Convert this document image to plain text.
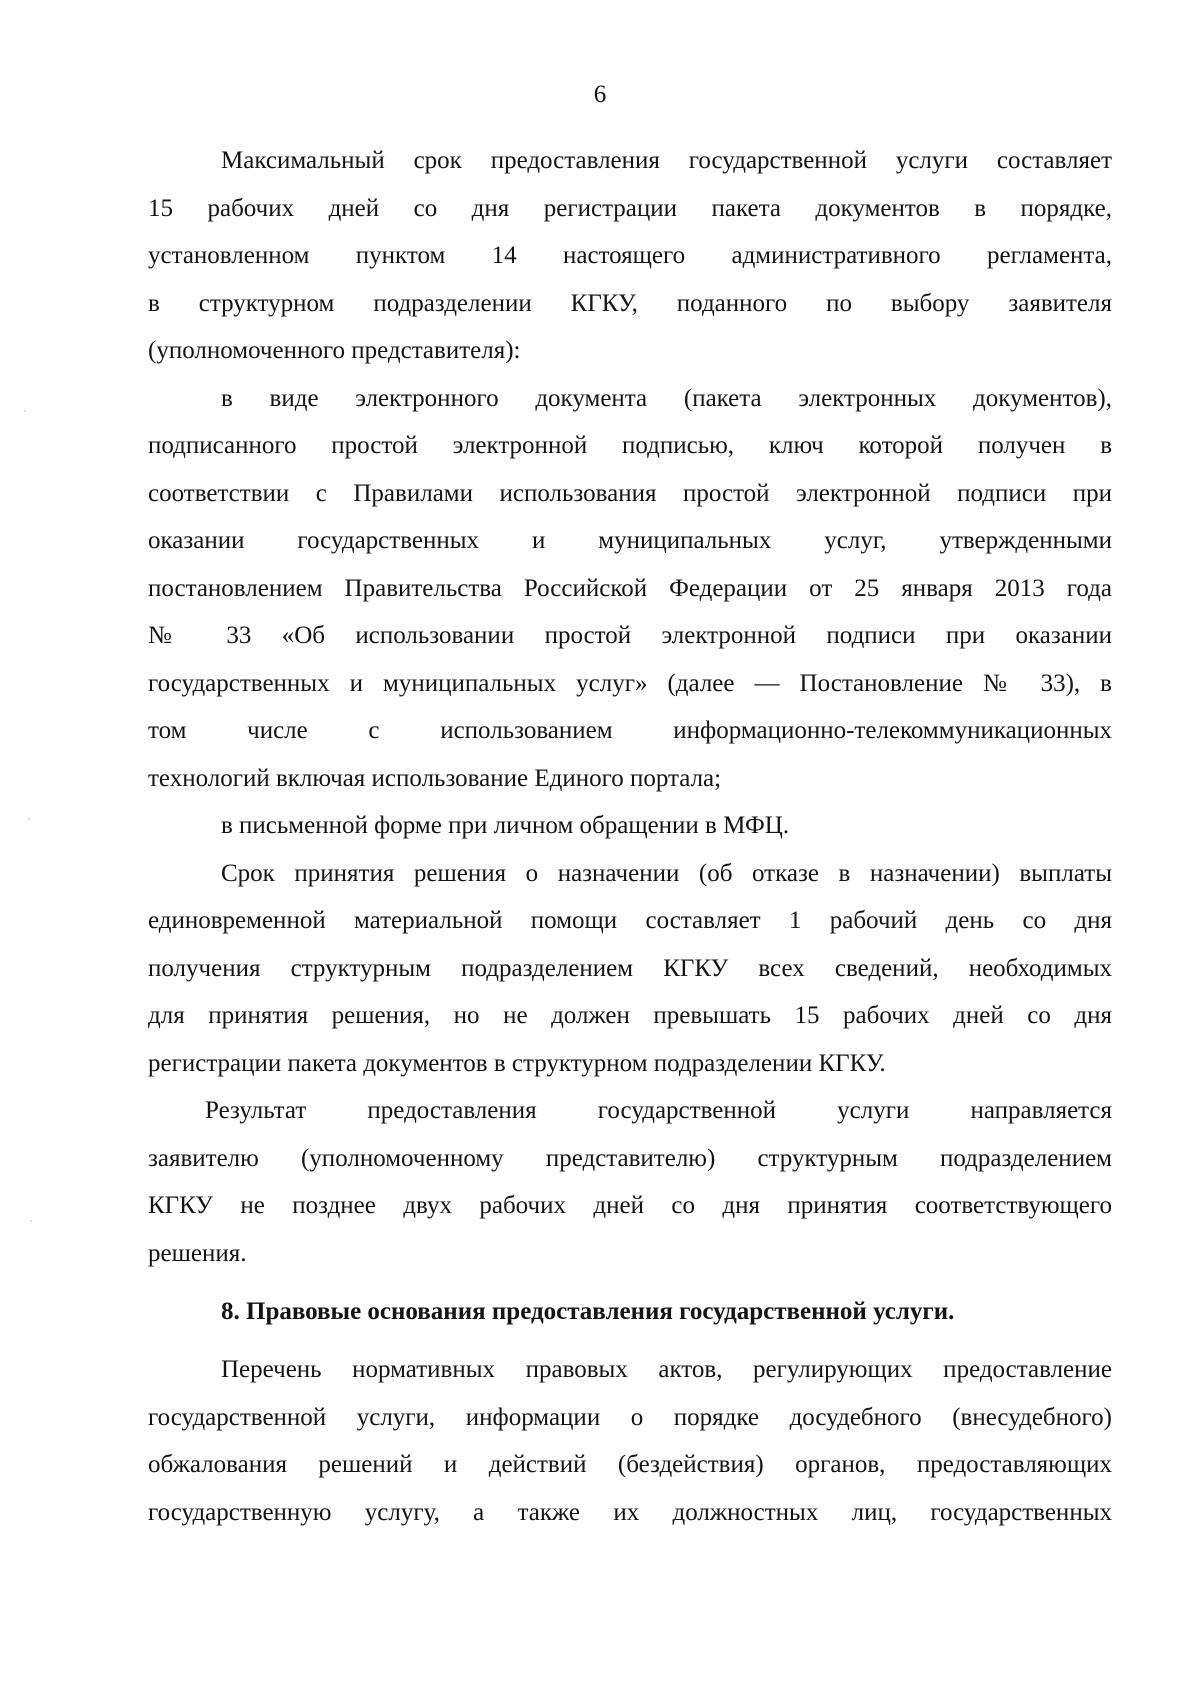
6
Максимальный срок предоставления государственной услуги составляет
15 рабочих дней со дня регистрации пакета документов в порядке,
установленном пунктом 14 настоящего административного регламента,
в структурном подразделении КГКУ, поданного по выбору заявителя
(уполномоченного представителя):
в виде электронного документа (пакета электронных документов),
подписанного простой электронной подписью, ключ которой получен в
соответствии с Правилами использования простой электронной подписи при
оказании государственных и муниципальных услуг, утвержденными
постановлением Правительства Российской Федерации от 25 января 2013 года
№ 33 «Об использовании простой электронной подписи при оказании
государственных и муниципальных услуг» (далее — Постановление № 33), в
том числе с использованием информационно-телекоммуникационных
технологий включая использование Единого портала;
в письменной форме при личном обращении в МФЦ.
Срок принятия решения о назначении (об отказе в назначении) выплаты
единовременной материальной помощи составляет 1 рабочий день со дня
получения структурным подразделением КГКУ всех сведений, необходимых
для принятия решения, но не должен превышать 15 рабочих дней со дня
регистрации пакета документов в структурном подразделении КГКУ.
Результат предоставления государственной услуги направляется
заявителю (уполномоченному представителю) структурным подразделением
КГКУ не позднее двух рабочих дней со дня принятия соответствующего
решения.
8. Правовые основания предоставления государственной услуги.
Перечень нормативных правовых актов, регулирующих предоставление
государственной услуги, информации о порядке досудебного (внесудебного)
обжалования решений и действий (бездействия) органов, предоставляющих
государственную услугу, а также их должностных лиц, государственных
